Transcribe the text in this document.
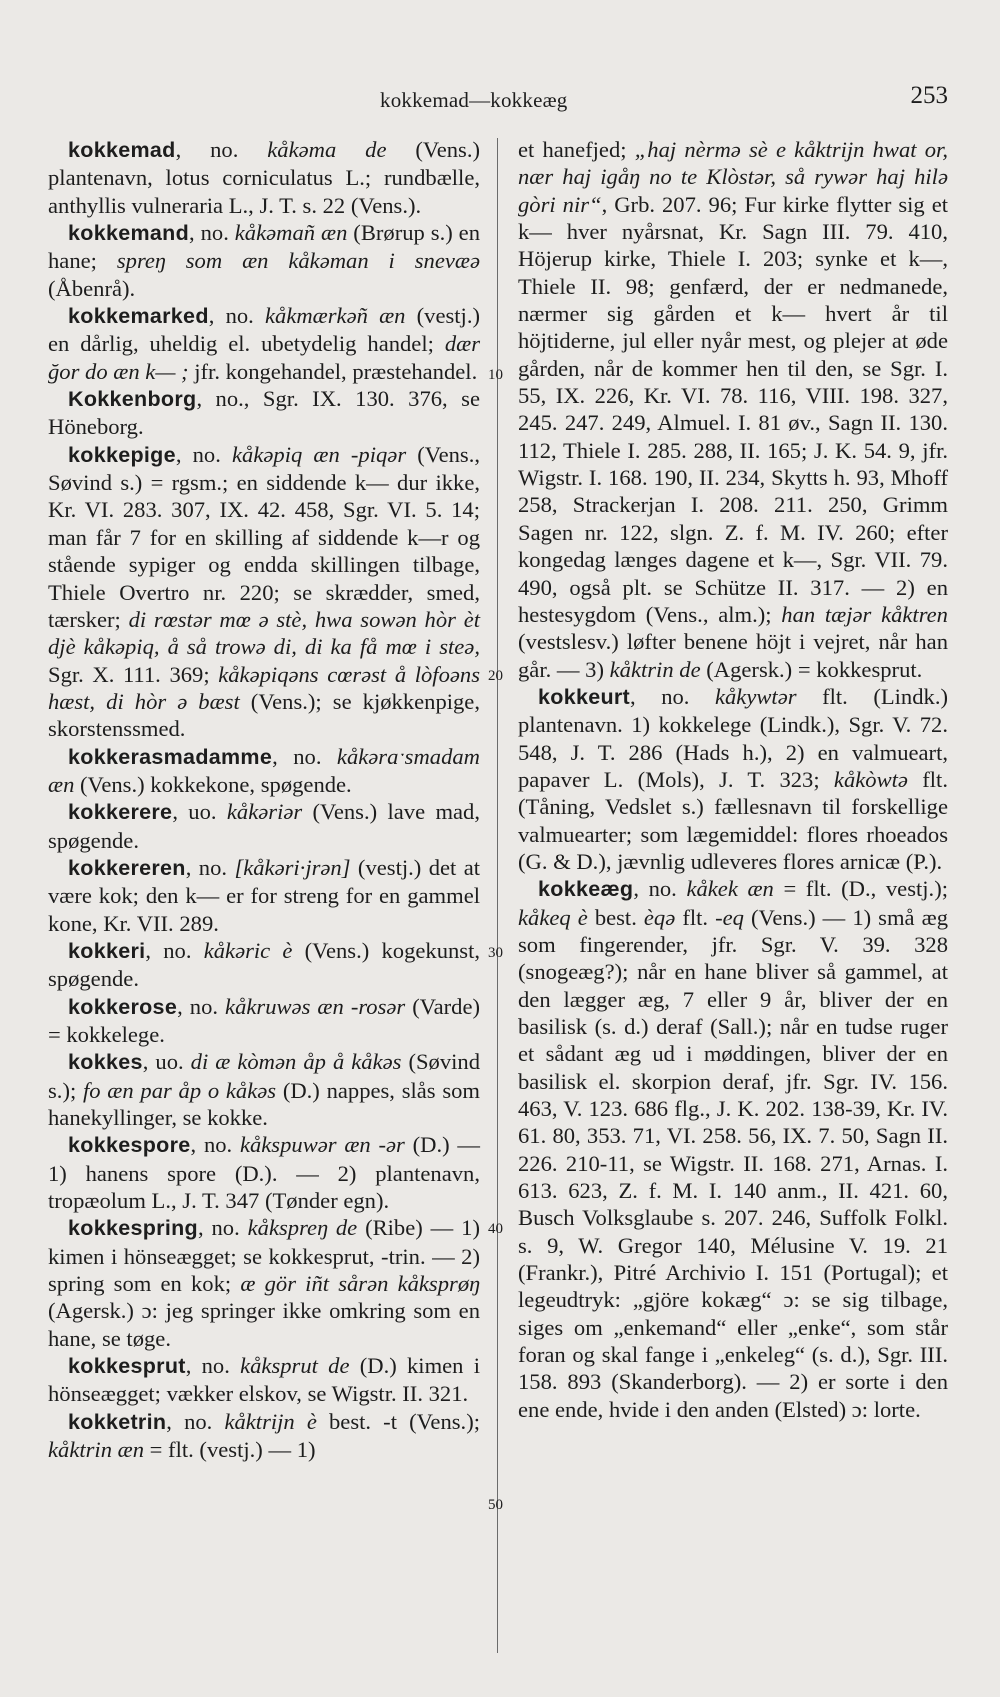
kokkemad—kokkeæg	253
10
20
30
40
50

kokkemad, no. kåkəma de (Vens.) plantenavn, lotus corniculatus L.; rundbælle, anthyllis vulneraria L., J. T. s. 22 (Vens.).

kokkemand, no. kåkəmañ æn (Brørup s.) en hane; spreŋ som æn kåkəman i snevæə (Åbenrå).

kokkemarked, no. kåkmærkəñ æn (vestj.) en dårlig, uheldig el. ubetydelig handel; dær ğor do æn k— ; jfr. kongehandel, præstehandel.

Kokkenborg, no., Sgr. IX. 130. 376, se Höneborg.

kokkepige, no. kåkəpiq æn -piqər (Vens., Søvind s.) = rgsm.; en siddende k— dur ikke, Kr. VI. 283. 307, IX. 42. 458, Sgr. VI. 5. 14; man får 7 for en skilling af siddende k—r og stående sypiger og endda skillingen tilbage, Thiele Overtro nr. 220; se skrædder, smed, tærsker; di rœstər mœ ə stè, hwa sowən hòr èt djè kåkəpiq, å så trowə di, di ka få mœ i steə, Sgr. X. 111. 369; kåkəpiqəns cœrəst å lòfoəns hæst, di hòr ə bæst (Vens.); se kjøkkenpige, skorstenssmed.

kokkerasmadamme, no. kåkəraˑsmadam æn (Vens.) kokkekone, spøgende.

kokkerere, uo. kåkəriər (Vens.) lave mad, spøgende.

kokkereren, no. [kåkəri·jrən] (vestj.) det at være kok; den k— er for streng for en gammel kone, Kr. VII. 289.

kokkeri, no. kåkəric è (Vens.) kogekunst, spøgende.

kokkerose, no. kåkruwəs æn -rosər (Varde) = kokkelege.

kokkes, uo. di æ kòmən åp å kåkəs (Søvind s.); fo æn par åp o kåkəs (D.) nappes, slås som hanekyllinger, se kokke.

kokkespore, no. kåkspuwər æn -ər (D.) — 1) hanens spore (D.). — 2) plantenavn, tropæolum L., J. T. 347 (Tønder egn).

kokkespring, no. kåkspreŋ de (Ribe) — 1) kimen i hönseægget; se kokkesprut, -trin. — 2) spring som en kok; æ gör iñt sårən kåksprøŋ (Agersk.) ɔ: jeg springer ikke omkring som en hane, se tøge.

kokkesprut, no. kåksprut de (D.) kimen i hönseægget; vækker elskov, se Wigstr. II. 321.

kokketrin, no. kåktrijn è best. -t (Vens.); kåktrin æn = flt. (vestj.) — 1)

et hanefjed; „haj nèrmə sè e kåktrijn hwat or, nær haj igåŋ no te Klòstər, så rywər haj hilə gòri nir“, Grb. 207. 96; Fur kirke flytter sig et k— hver nyårsnat, Kr. Sagn III. 79. 410, Höjerup kirke, Thiele I. 203; synke et k—, Thiele II. 98; genfærd, der er nedmanede, nærmer sig gården et k— hvert år til höjtiderne, jul eller nyår mest, og plejer at øde gården, når de kommer hen til den, se Sgr. I. 55, IX. 226, Kr. VI. 78. 116, VIII. 198. 327, 245. 247. 249, Almuel. I. 81 øv., Sagn II. 130. 112, Thiele I. 285. 288, II. 165; J. K. 54. 9, jfr. Wigstr. I. 168. 190, II. 234, Skytts h. 93, Mhoff 258, Strackerjan I. 208. 211. 250, Grimm Sagen nr. 122, slgn. Z. f. M. IV. 260; efter kongedag længes dagene et k—, Sgr. VII. 79. 490, også plt. se Schütze II. 317. — 2) en hestesygdom (Vens., alm.); han tæjər kåktren (vestslesv.) løfter benene höjt i vejret, når han går. — 3) kåktrin de (Agersk.) = kokkesprut.

kokkeurt, no. kåkywtər flt. (Lindk.) plantenavn. 1) kokkelege (Lindk.), Sgr. V. 72. 548, J. T. 286 (Hads h.), 2) en valmueart, papaver L. (Mols), J. T. 323; kåkòwtə flt. (Tåning, Vedslet s.) fællesnavn til forskellige valmuearter; som lægemiddel: flores rhoeados (G. & D.), jævnlig udleveres flores arnicæ (P.).

kokkeæg, no. kåkek æn = flt. (D., vestj.); kåkeq è best. èqə flt. -eq (Vens.) — 1) små æg som fingerender, jfr. Sgr. V. 39. 328 (snogeæg?); når en hane bliver så gammel, at den lægger æg, 7 eller 9 år, bliver der en basilisk (s. d.) deraf (Sall.); når en tudse ruger et sådant æg ud i møddingen, bliver der en basilisk el. skorpion deraf, jfr. Sgr. IV. 156. 463, V. 123. 686 flg., J. K. 202. 138-39, Kr. IV. 61. 80, 353. 71, VI. 258. 56, IX. 7. 50, Sagn II. 226. 210-11, se Wigstr. II. 168. 271, Arnas. I. 613. 623, Z. f. M. I. 140 anm., II. 421. 60, Busch Volksglaube s. 207. 246, Suffolk Folkl. s. 9, W. Gregor 140, Mélusine V. 19. 21 (Frankr.), Pitré Archivio I. 151 (Portugal); et legeudtryk: „gjöre kokæg“ ɔ: se sig tilbage, siges om „enkemand“ eller „enke“, som står foran og skal fange i „enkeleg“ (s. d.), Sgr. III. 158. 893 (Skanderborg). — 2) er sorte i den ene ende, hvide i den anden (Elsted) ɔ: lorte.
